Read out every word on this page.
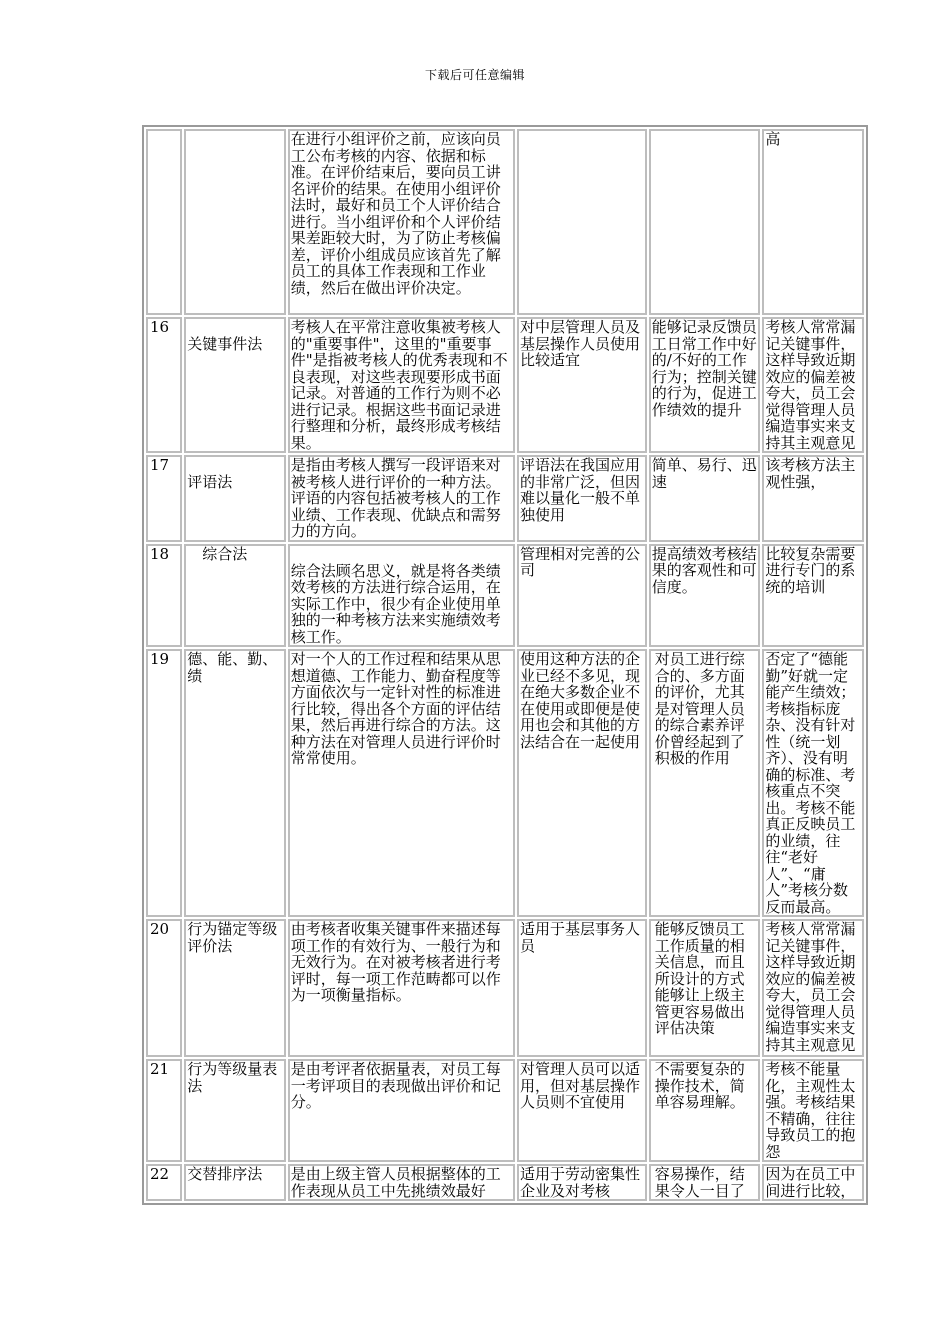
下载后可任意编辑
		在进行小组评价之前，应该向员工公布考核的内容、依据和标准。在评价结束后，要向员工讲名评价的结果。在使用小组评价法时，最好和员工个人评价结合进行。当小组评价和个人评价结果差距较大时，为了防止考核偏差，评价小组成员应该首先了解员工的具体工作表现和工作业绩，然后在做出评价决定。			高
16	关键事件法	考核人在平常注意收集被考核人的"重要事件"，这里的"重要事件"是指被考核人的优秀表现和不良表现，对这些表现要形成书面记录。对普通的工作行为则不必进行记录。根据这些书面记录进行整理和分析，最终形成考核结果。	对中层管理人员及基层操作人员使用比较适宜	能够记录反馈员工日常工作中好的/不好的工作行为；控制关键的行为，促进工作绩效的提升	考核人常常漏记关键事件，这样导致近期效应的偏差被夸大，员工会觉得管理人员编造事实来支持其主观意见
17	评语法	是指由考核人撰写一段评语来对被考核人进行评价的一种方法。评语的内容包括被考核人的工作业绩、工作表现、优缺点和需努力的方向。	评语法在我国应用的非常广泛，但因难以量化一般不单独使用	简单、易行、迅速	该考核方法主观性强，
18	综合法	综合法顾名思义，就是将各类绩效考核的方法进行综合运用，在实际工作中，很少有企业使用单独的一种考核方法来实施绩效考核工作。	管理相对完善的公司	提高绩效考核结果的客观性和可信度。	比较复杂需要进行专门的系统的培训
19	德、能、勤、绩	对一个人的工作过程和结果从思想道德、工作能力、勤奋程度等方面依次与一定针对性的标准进行比较，得出各个方面的评估结果，然后再进行综合的方法。这种方法在对管理人员进行评价时常常使用。	使用这种方法的企业已经不多见，现在绝大多数企业不在使用或即便是使用也会和其他的方法结合在一起使用	对员工进行综合的、多方面的评价，尤其是对管理人员的综合素养评价曾经起到了积极的作用	否定了“德能勤”好就一定能产生绩效；考核指标庞杂、没有针对性（统一划齐）、没有明确的标准、考核重点不突出。考核不能真正反映员工的业绩，往往“老好人”、“庸人”考核分数反而最高。
20	行为锚定等级评价法	由考核者收集关键事件来描述每项工作的有效行为、一般行为和无效行为。在对被考核者进行考评时，每一项工作范畴都可以作为一项衡量指标。	适用于基层事务人员	能够反馈员工工作质量的相关信息，而且所设计的方式能够让上级主管更容易做出评估决策	考核人常常漏记关键事件，这样导致近期效应的偏差被夸大，员工会觉得管理人员编造事实来支持其主观意见
21	行为等级量表法	是由考评者依据量表，对员工每一考评项目的表现做出评价和记分。	对管理人员可以适用，但对基层操作人员则不宜使用	不需要复杂的操作技术，简单容易理解。	考核不能量化，主观性太强。考核结果不精确，往往导致员工的抱怨
22	交替排序法	是由上级主管人员根据整体的工作表现从员工中先挑绩效最好	适用于劳动密集性企业及对考核	容易操作，结果令人一目了	因为在员工中间进行比较，
